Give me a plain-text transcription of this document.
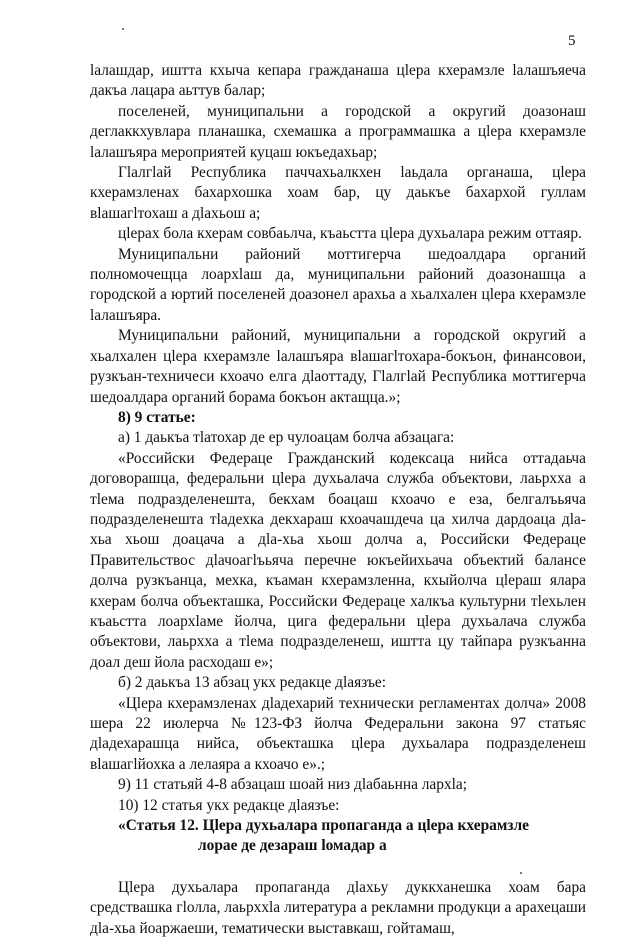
5

lалашдар, иштта кхыча кепара гражданаша цlера кхерамзле lалашъяеча дакъа лацара аьттув балар;

поселеней, муниципальни а городской а округий доазонаш деглаккхувлара планашка, схемашка а программашка а цlера кхерамзле lалашъяра мероприятей куцаш юкъедахьар;

Гlалгlай Республика паччахьалкхен lаьдала органаша, цlера кхерамзленах бахархошка хоам бар, цу даькъе бахархой гуллам вlашагlтохаш а дlахьош а;

цlерах бола кхерам совбаьлча, къаьстта цlера духьалара режим оттаяр.

Муниципальни районий моттигерча шедоалдара органий полномочещца лоархlаш да, муниципальни районий доазонашца а городской а юртий поселеней доазонел арахьа а хьалхален цlера кхерамзле lалашъяра.

Муниципальни районий, муниципальни а городской округий а хьалхален цlера кхерамзле lалашъяра вlашагlтохара-бокъон, финансовои, рузкъан-техничеси кхоачо елга дlаоттаду, Гlалгlай Республика моттигерча шедоалдара органий борама бокъон актащца.»;

8) 9 статье:

а) 1 даькъа тlатохар де ер чулоацам болча абзацага:

«Российски Федераце Гражданский кодексаца нийса оттадаьча договорашца, федеральни цlера духьалача служба объектови, лаьрхха а тlема подразделенешта, бекхам боацаш кхоачо е еза, белгалъьяча подразделенешта тlадехка декхараш кхоачашдеча ца хилча дардоаца дlа-хьа хьош доацача а дlа-хьа хьош долча а, Российски Федераце Правительствос дlачоагlъьяча перечне юкъейихьача объектий балансе долча рузкъанца, мехка, къаман кхерамзленна, кхыйолча цlераш ялара кхерам болча объекташка, Российски Федераце халкъа культурни тlехьлен къаьстта лоархlаме йолча, цига федеральни цlера духьалача служба объектови, лаьрхха а тlема подразделенеш, иштта цу тайпара рузкъанна доал деш йола расходаш е»;

б) 2 даькъа 13 абзац укх редакце дlаязъе:

«Цlера кхерамзленах дlадехарий технически регламентах долча» 2008 шера 22 июлерча №123-ФЗ йолча Федеральни закона 97 статьяс дlадехарашца нийса, объекташка цlера духьалара подразделенеш вlашагlйохка а лелаяра а кхоачо е».;

9) 11 статьяй 4-8 абзацаш шоай низ дlабаьнна лархla;

10) 12 статья укх редакце дlаязъе:

«Статья 12. Цlера духьалара пропаганда а цlера кхерамзле

лораe де дезараш lомадар а

Цlера духьалара пропаганда дlахьу дуккханешка хоам бара средствашка гlолла, лаьрххla литература а рекламни продукци а арахецаши дlа-хьа йоаржаеши, тематически выставкаш, гойтамаш,
